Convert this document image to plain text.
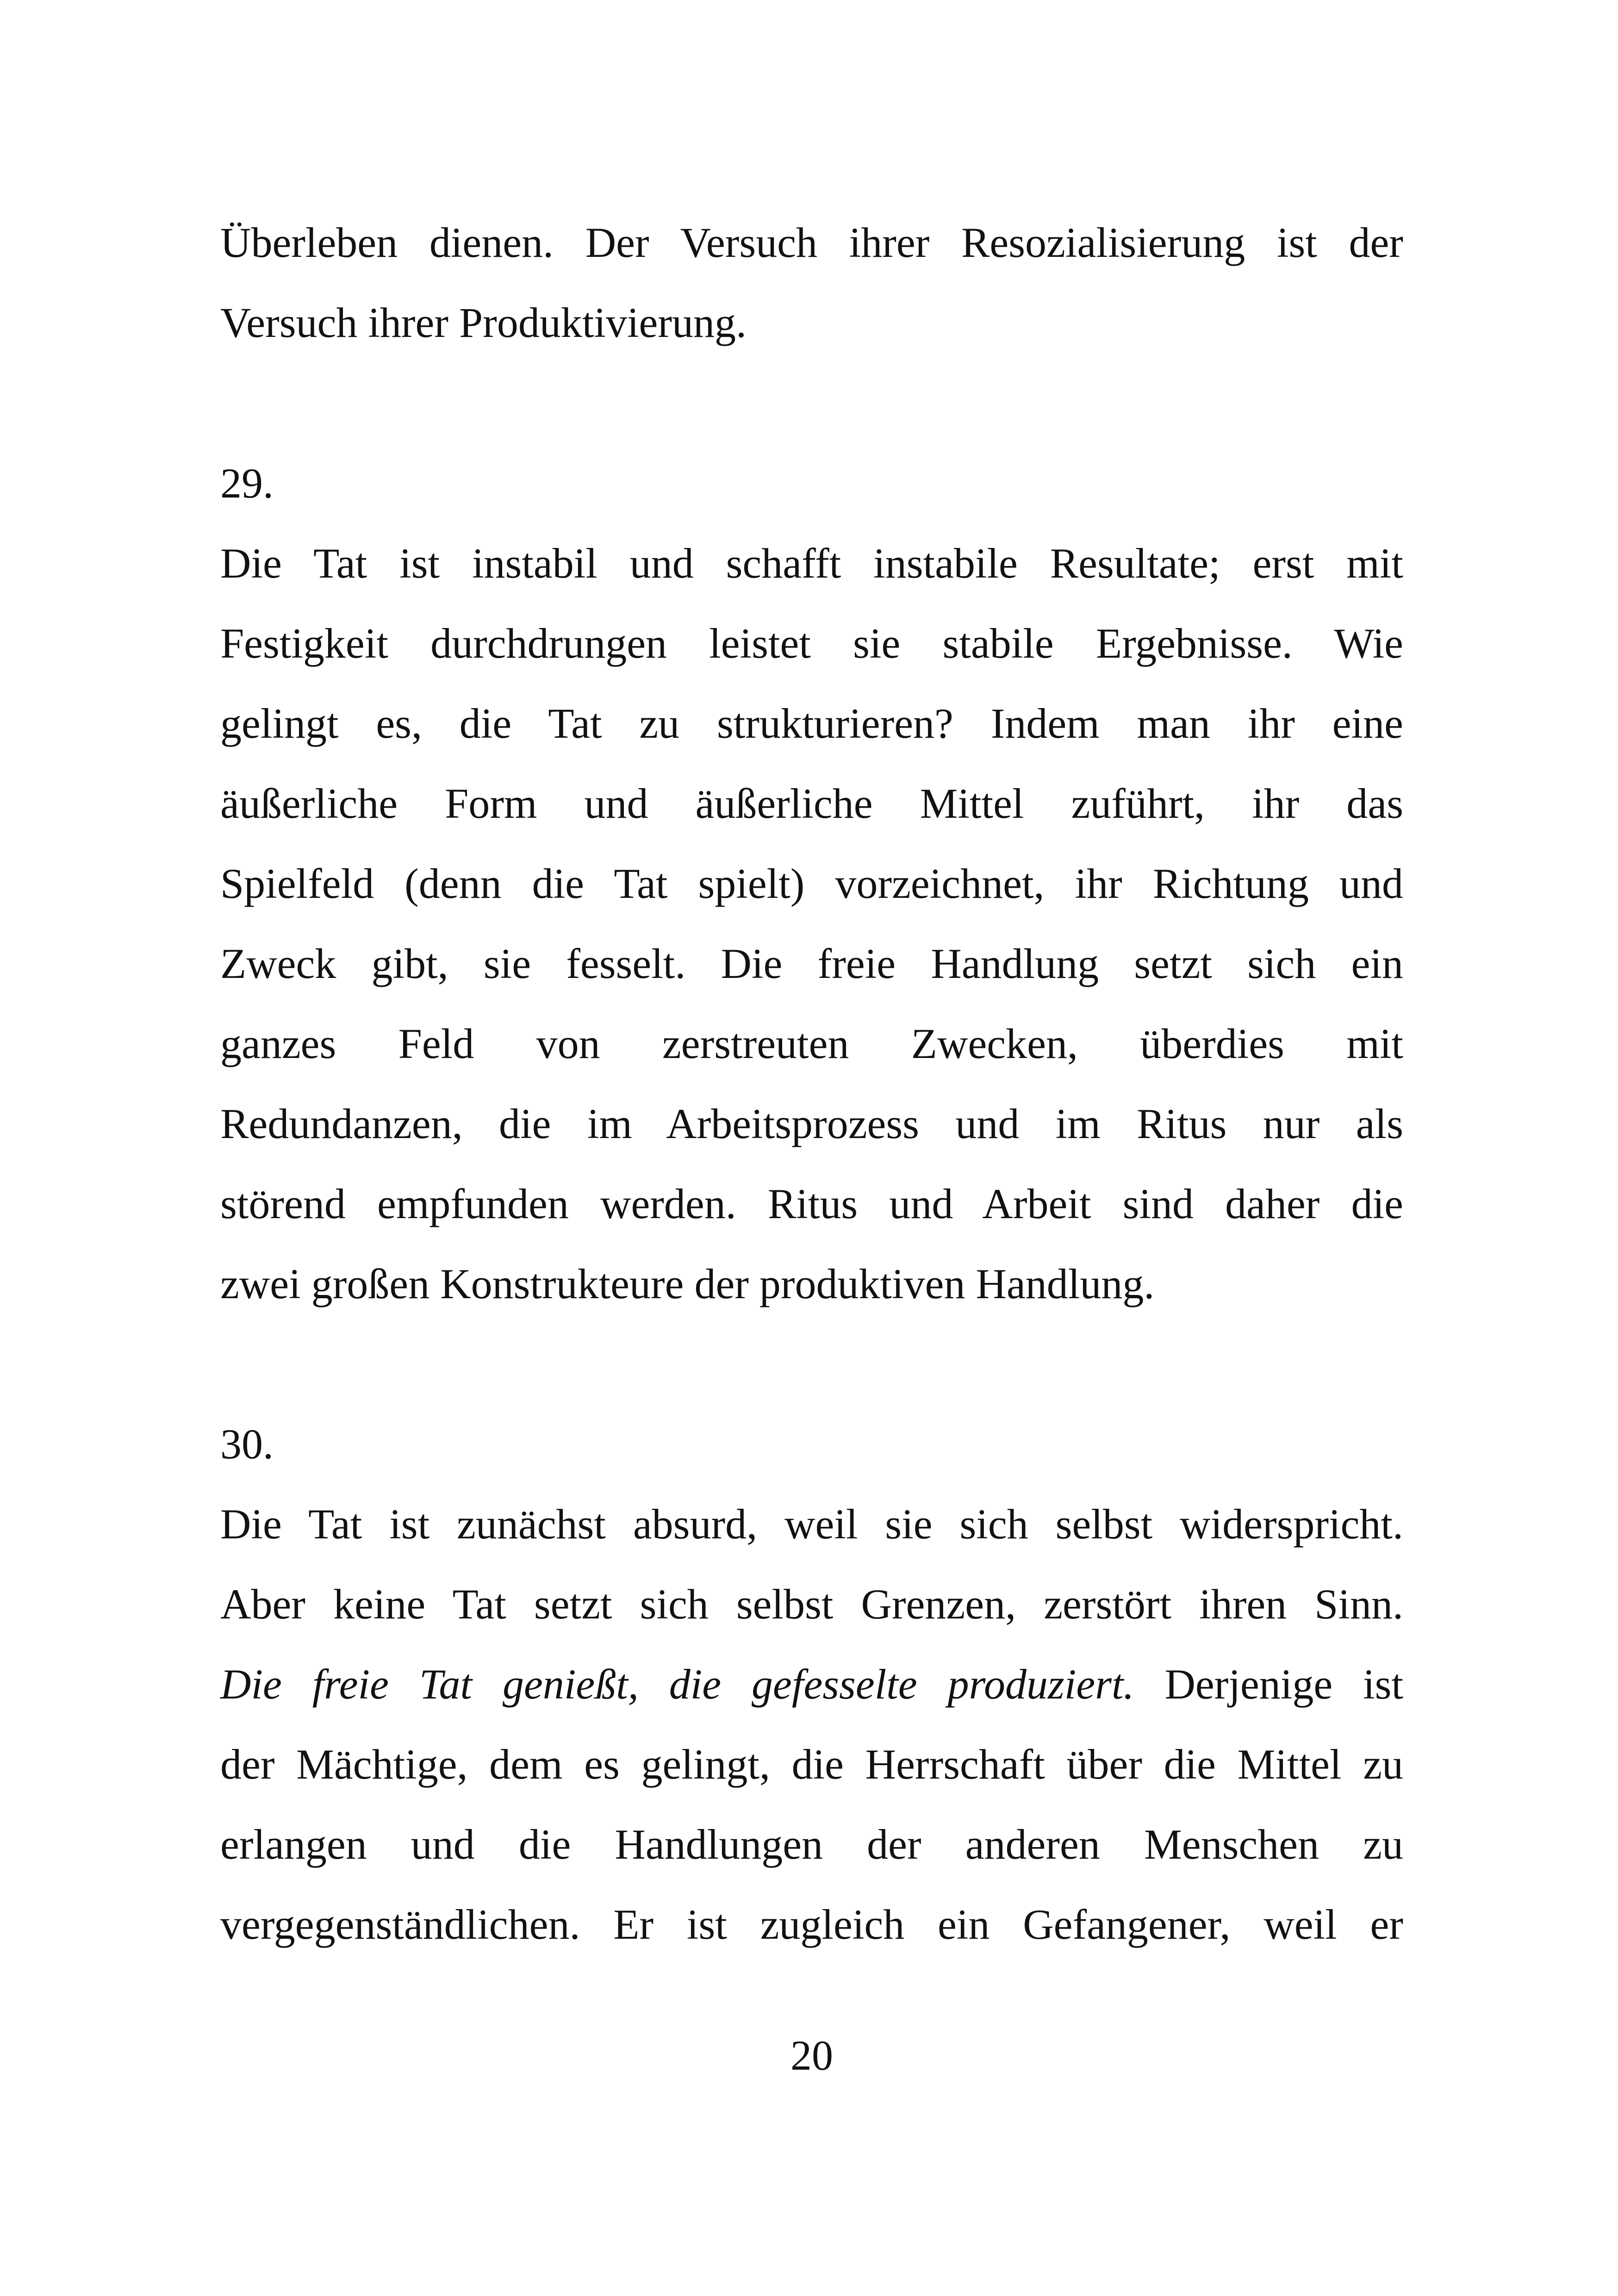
Überleben dienen. Der Versuch ihrer Resozialisierung ist der
Versuch ihrer Produktivierung.

29.

Die Tat ist instabil und schafft instabile Resultate; erst mit
Festigkeit durchdrungen leistet sie stabile Ergebnisse. Wie
gelingt es, die Tat zu strukturieren? Indem man ihr eine
äußerliche Form und äußerliche Mittel zuführt, ihr das
Spielfeld (denn die Tat spielt) vorzeichnet, ihr Richtung und
Zweck gibt, sie fesselt. Die freie Handlung setzt sich ein
ganzes Feld von zerstreuten Zwecken, überdies mit
Redundanzen, die im Arbeitsprozess und im Ritus nur als
störend empfunden werden. Ritus und Arbeit sind daher die
zwei großen Konstrukteure der produktiven Handlung.

30.

Die Tat ist zunächst absurd, weil sie sich selbst widerspricht.
Aber keine Tat setzt sich selbst Grenzen, zerstört ihren Sinn.
Die freie Tat genießt, die gefesselte produziert. Derjenige ist
der Mächtige, dem es gelingt, die Herrschaft über die Mittel zu
erlangen und die Handlungen der anderen Menschen zu
vergegenständlichen. Er ist zugleich ein Gefangener, weil er

20
